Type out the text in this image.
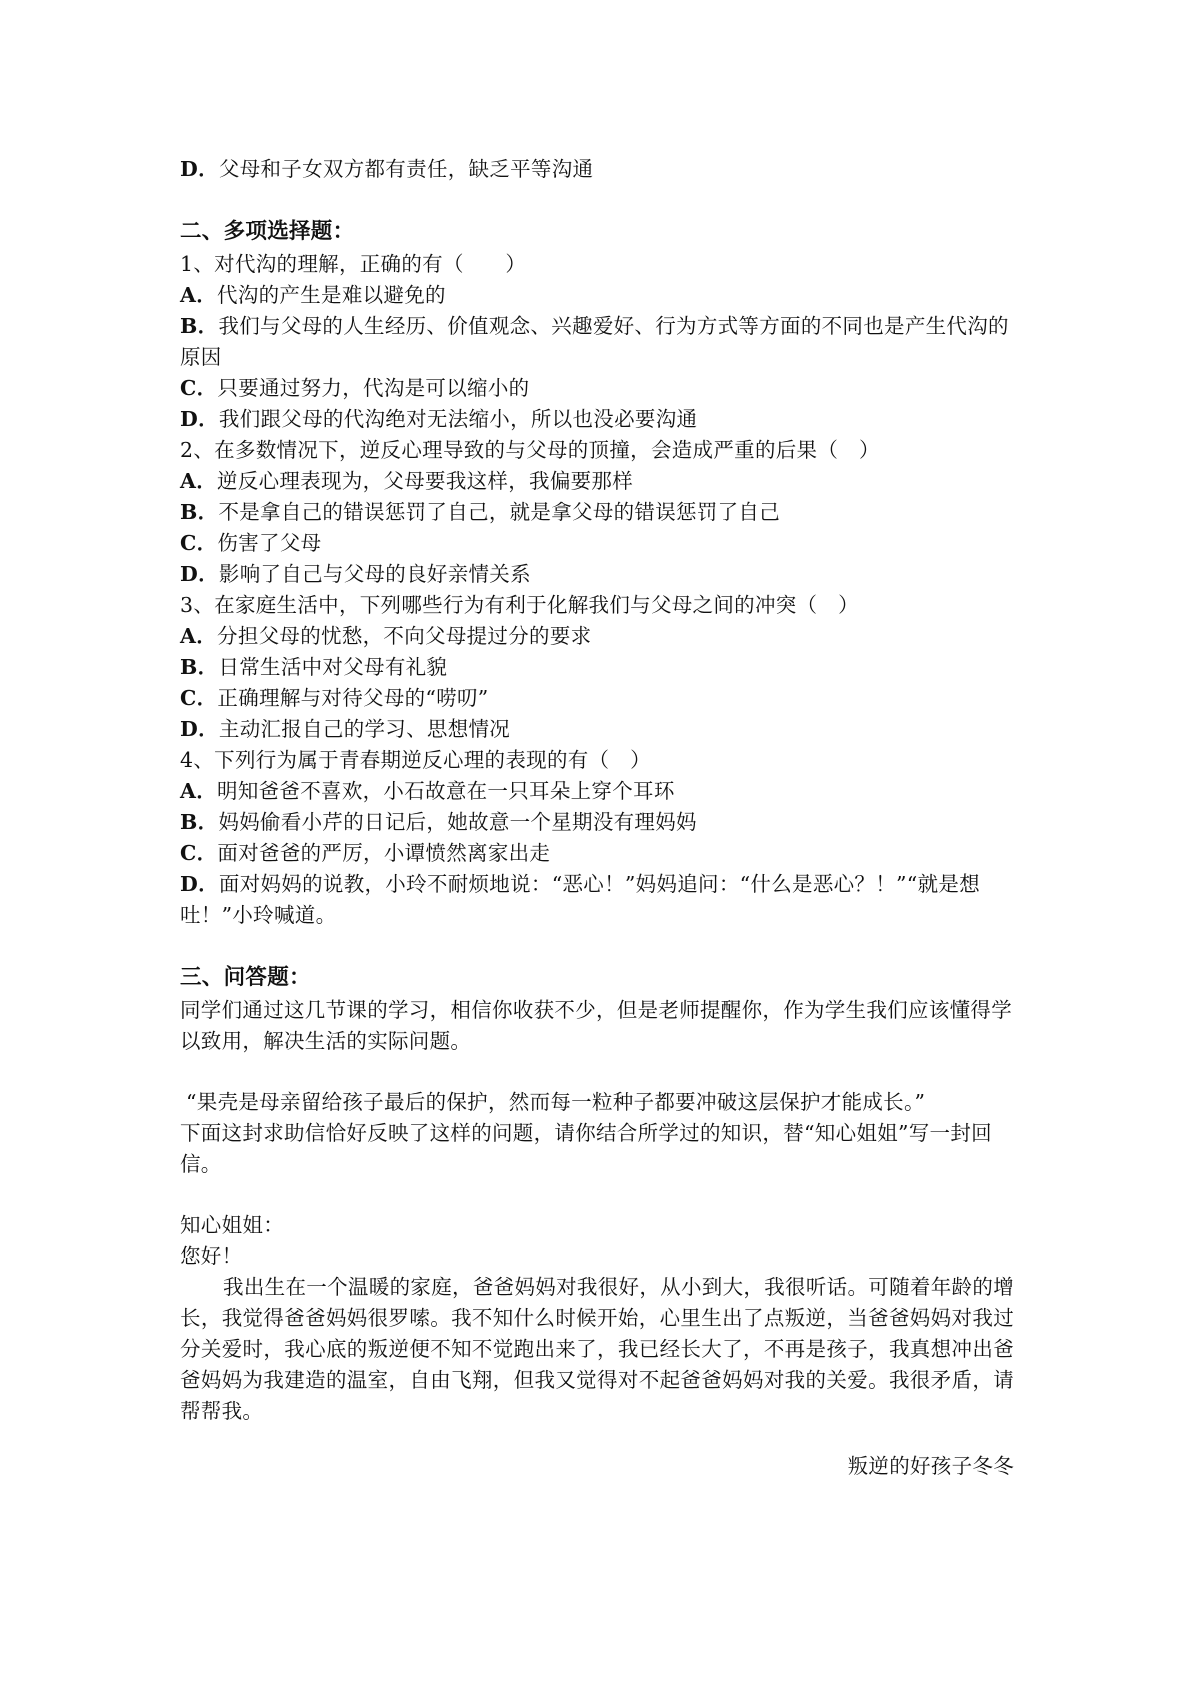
D．父母和子女双方都有责任，缺乏平等沟通

二、多项选择题：

1、对代沟的理解，正确的有（　　）

A．代沟的产生是难以避免的

B．我们与父母的人生经历、价值观念、兴趣爱好、行为方式等方面的不同也是产生代沟的原因

C．只要通过努力，代沟是可以缩小的

D．我们跟父母的代沟绝对无法缩小，所以也没必要沟通

2、在多数情况下，逆反心理导致的与父母的顶撞，会造成严重的后果（　）

A．逆反心理表现为，父母要我这样，我偏要那样

B．不是拿自己的错误惩罚了自己，就是拿父母的错误惩罚了自己

C．伤害了父母

D．影响了自己与父母的良好亲情关系

3、在家庭生活中，下列哪些行为有利于化解我们与父母之间的冲突（　）

A．分担父母的忧愁，不向父母提过分的要求

B．日常生活中对父母有礼貌

C．正确理解与对待父母的“唠叨”

D．主动汇报自己的学习、思想情况

4、下列行为属于青春期逆反心理的表现的有（　）

A．明知爸爸不喜欢，小石故意在一只耳朵上穿个耳环

B．妈妈偷看小芹的日记后，她故意一个星期没有理妈妈

C．面对爸爸的严厉，小谭愤然离家出走

D．面对妈妈的说教，小玲不耐烦地说：“恶心！”妈妈追问：“什么是恶心？！”“就是想吐！”小玲喊道。

三、问答题：

同学们通过这几节课的学习，相信你收获不少，但是老师提醒你，作为学生我们应该懂得学以致用，解决生活的实际问题。

“果壳是母亲留给孩子最后的保护，然而每一粒种子都要冲破这层保护才能成长。”

下面这封求助信恰好反映了这样的问题，请你结合所学过的知识，替“知心姐姐”写一封回信。

知心姐姐：

您好！

我出生在一个温暖的家庭，爸爸妈妈对我很好，从小到大，我很听话。可随着年龄的增长，我觉得爸爸妈妈很罗嗦。我不知什么时候开始，心里生出了点叛逆，当爸爸妈妈对我过分关爱时，我心底的叛逆便不知不觉跑出来了，我已经长大了，不再是孩子，我真想冲出爸爸妈妈为我建造的温室，自由飞翔，但我又觉得对不起爸爸妈妈对我的关爱。我很矛盾，请帮帮我。

叛逆的好孩子冬冬
